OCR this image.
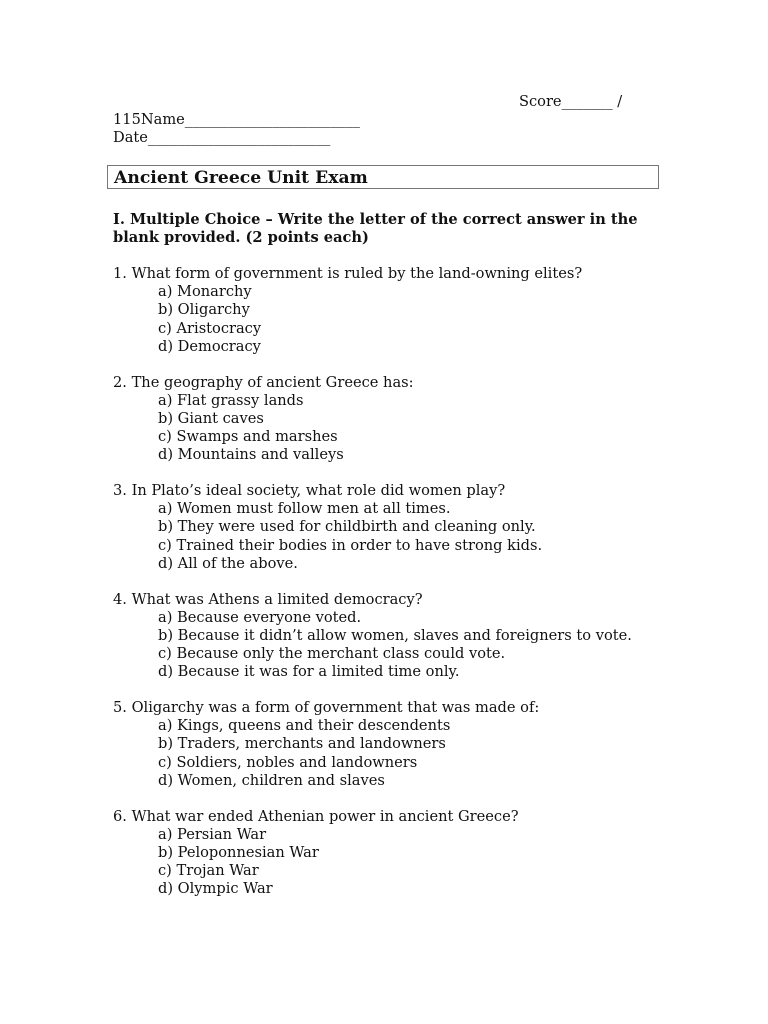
Name________________________

Score_______ /

115
Date_________________________
Ancient Greece Unit Exam
I. Multiple Choice – Write the letter of the correct answer in the blank provided. (2 points each)
1. What form of government is ruled by the land-owning elites?
a) Monarchy
b) Oligarchy
c) Aristocracy
d) Democracy
2. The geography of ancient Greece has:
a) Flat grassy lands
b) Giant caves
c) Swamps and marshes
d) Mountains and valleys
3. In Plato’s ideal society, what role did women play?
a) Women must follow men at all times.
b) They were used for childbirth and cleaning only.
c) Trained their bodies in order to have strong kids.
d) All of the above.
4. What was Athens a limited democracy?
a) Because everyone voted.
b) Because it didn’t allow women, slaves and foreigners to vote.
c) Because only the merchant class could vote.
d) Because it was for a limited time only.
5. Oligarchy was a form of government that was made of:
a) Kings, queens and their descendents
b) Traders, merchants and landowners
c) Soldiers, nobles and landowners
d) Women, children and slaves
6. What war ended Athenian power in ancient Greece?
a) Persian War
b) Peloponnesian War
c) Trojan War
d) Olympic War
